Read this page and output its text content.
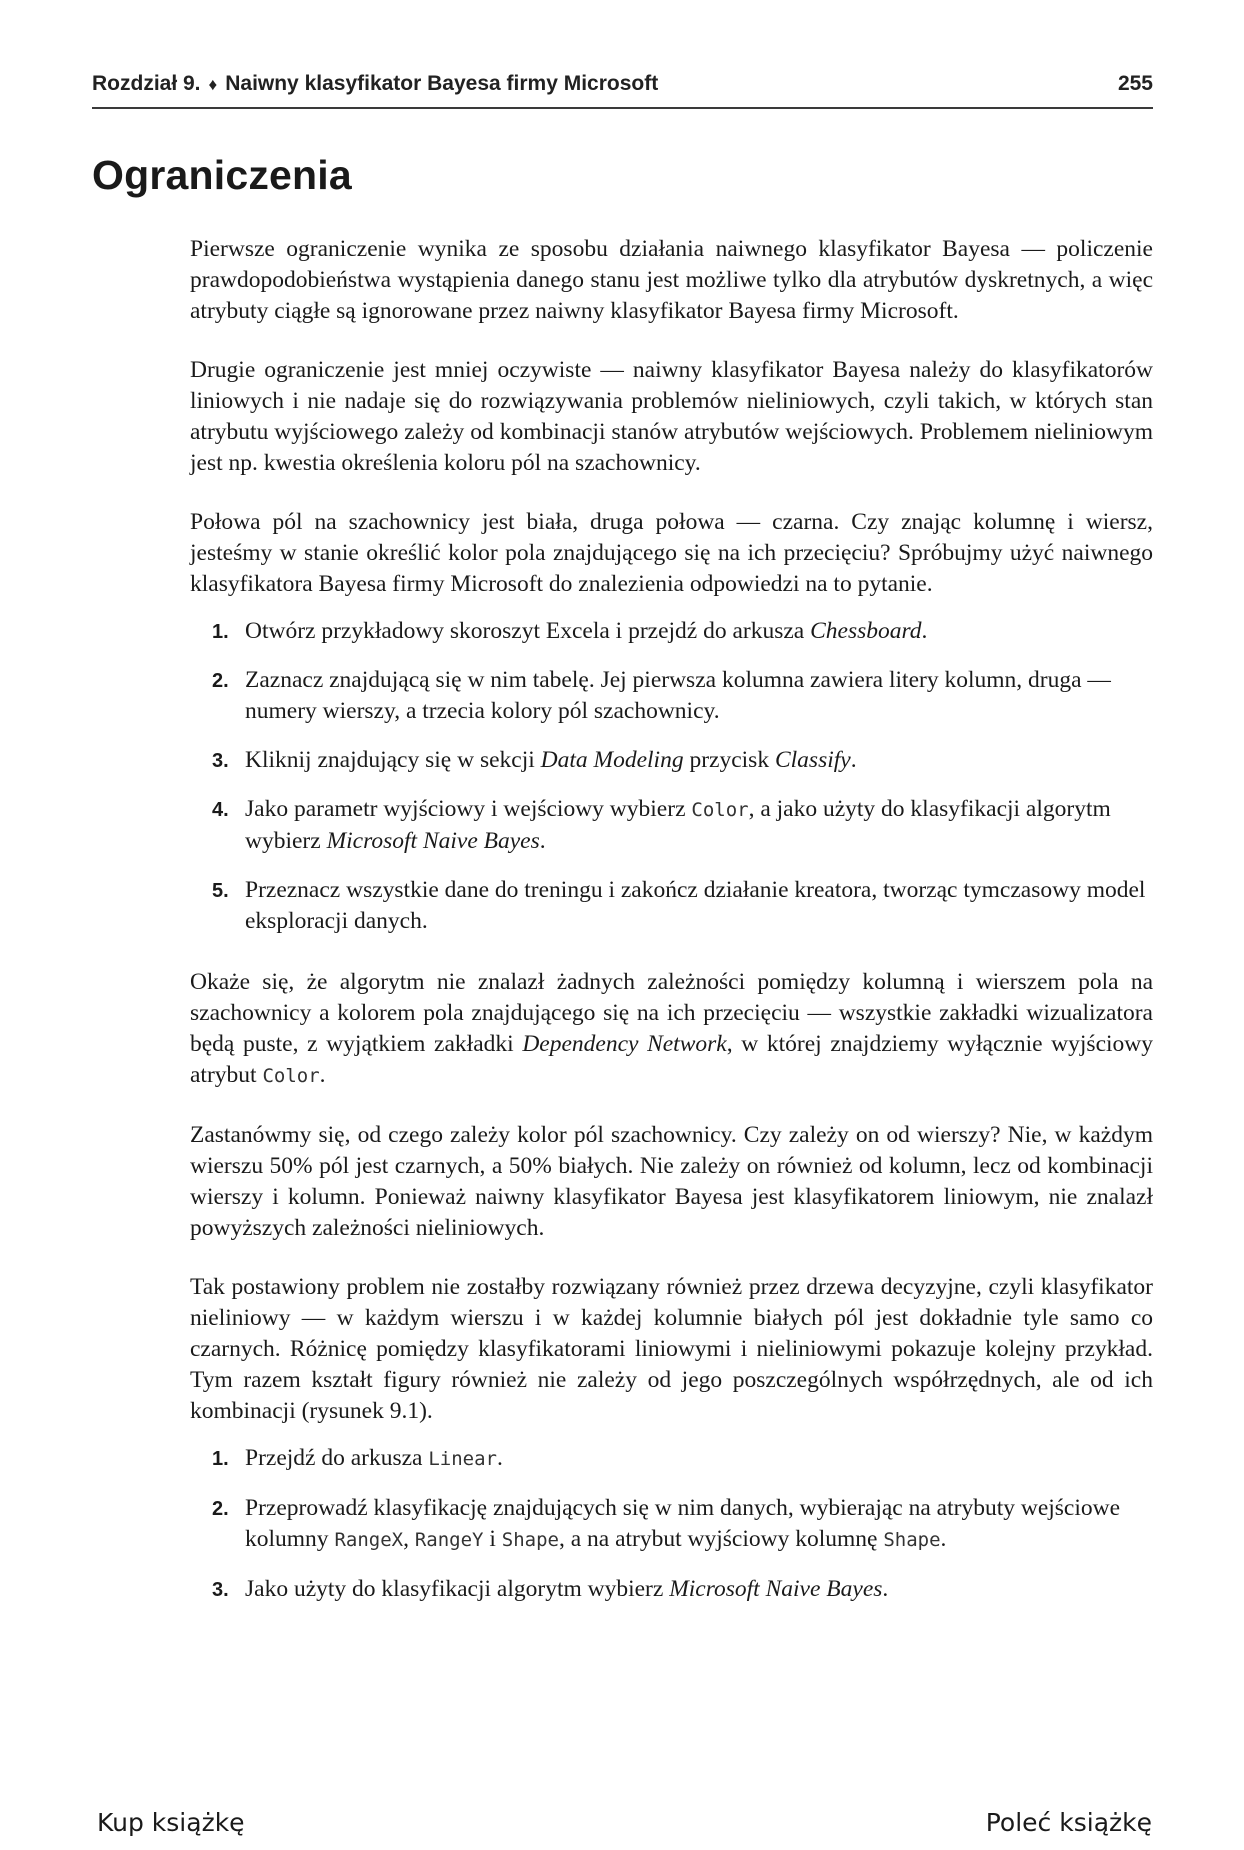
Rozdział 9. ♦ Naiwny klasyfikator Bayesa firmy Microsoft	255
Ograniczenia

Pierwsze ograniczenie wynika ze sposobu działania naiwnego klasyfikator Bayesa — policzenie prawdopodobieństwa wystąpienia danego stanu jest możliwe tylko dla atrybutów dyskretnych, a więc atrybuty ciągłe są ignorowane przez naiwny klasyfikator Bayesa firmy Microsoft.

Drugie ograniczenie jest mniej oczywiste — naiwny klasyfikator Bayesa należy do klasyfikatorów liniowych i nie nadaje się do rozwiązywania problemów nieliniowych, czyli takich, w których stan atrybutu wyjściowego zależy od kombinacji stanów atrybutów wejściowych. Problemem nieliniowym jest np. kwestia określenia koloru pól na szachownicy.

Połowa pól na szachownicy jest biała, druga połowa — czarna. Czy znając kolumnę i wiersz, jesteśmy w stanie określić kolor pola znajdującego się na ich przecięciu? Spróbujmy użyć naiwnego klasyfikatora Bayesa firmy Microsoft do znalezienia odpowiedzi na to pytanie.

1. Otwórz przykładowy skoroszyt Excela i przejdź do arkusza Chessboard.
2. Zaznacz znajdującą się w nim tabelę. Jej pierwsza kolumna zawiera litery kolumn, druga — numery wierszy, a trzecia kolory pól szachownicy.
3. Kliknij znajdujący się w sekcji Data Modeling przycisk Classify.
4. Jako parametr wyjściowy i wejściowy wybierz Color, a jako użyty do klasyfikacji algorytm wybierz Microsoft Naive Bayes.
5. Przeznacz wszystkie dane do treningu i zakończ działanie kreatora, tworząc tymczasowy model eksploracji danych.

Okaże się, że algorytm nie znalazł żadnych zależności pomiędzy kolumną i wierszem pola na szachownicy a kolorem pola znajdującego się na ich przecięciu — wszystkie zakładki wizualizatora będą puste, z wyjątkiem zakładki Dependency Network, w której znajdziemy wyłącznie wyjściowy atrybut Color.

Zastanówmy się, od czego zależy kolor pól szachownicy. Czy zależy on od wierszy? Nie, w każdym wierszu 50% pól jest czarnych, a 50% białych. Nie zależy on również od kolumn, lecz od kombinacji wierszy i kolumn. Ponieważ naiwny klasyfikator Bayesa jest klasyfikatorem liniowym, nie znalazł powyższych zależności nieliniowych.

Tak postawiony problem nie zostałby rozwiązany również przez drzewa decyzyjne, czyli klasyfikator nieliniowy — w każdym wierszu i w każdej kolumnie białych pól jest dokładnie tyle samo co czarnych. Różnicę pomiędzy klasyfikatorami liniowymi i nieliniowymi pokazuje kolejny przykład. Tym razem kształt figury również nie zależy od jego poszczególnych współrzędnych, ale od ich kombinacji (rysunek 9.1).

1. Przejdź do arkusza Linear.
2. Przeprowadź klasyfikację znajdujących się w nim danych, wybierając na atrybuty wejściowe kolumny RangeX, RangeY i Shape, a na atrybut wyjściowy kolumnę Shape.
3. Jako użyty do klasyfikacji algorytm wybierz Microsoft Naive Bayes.
Kup książkę	Poleć książkę
